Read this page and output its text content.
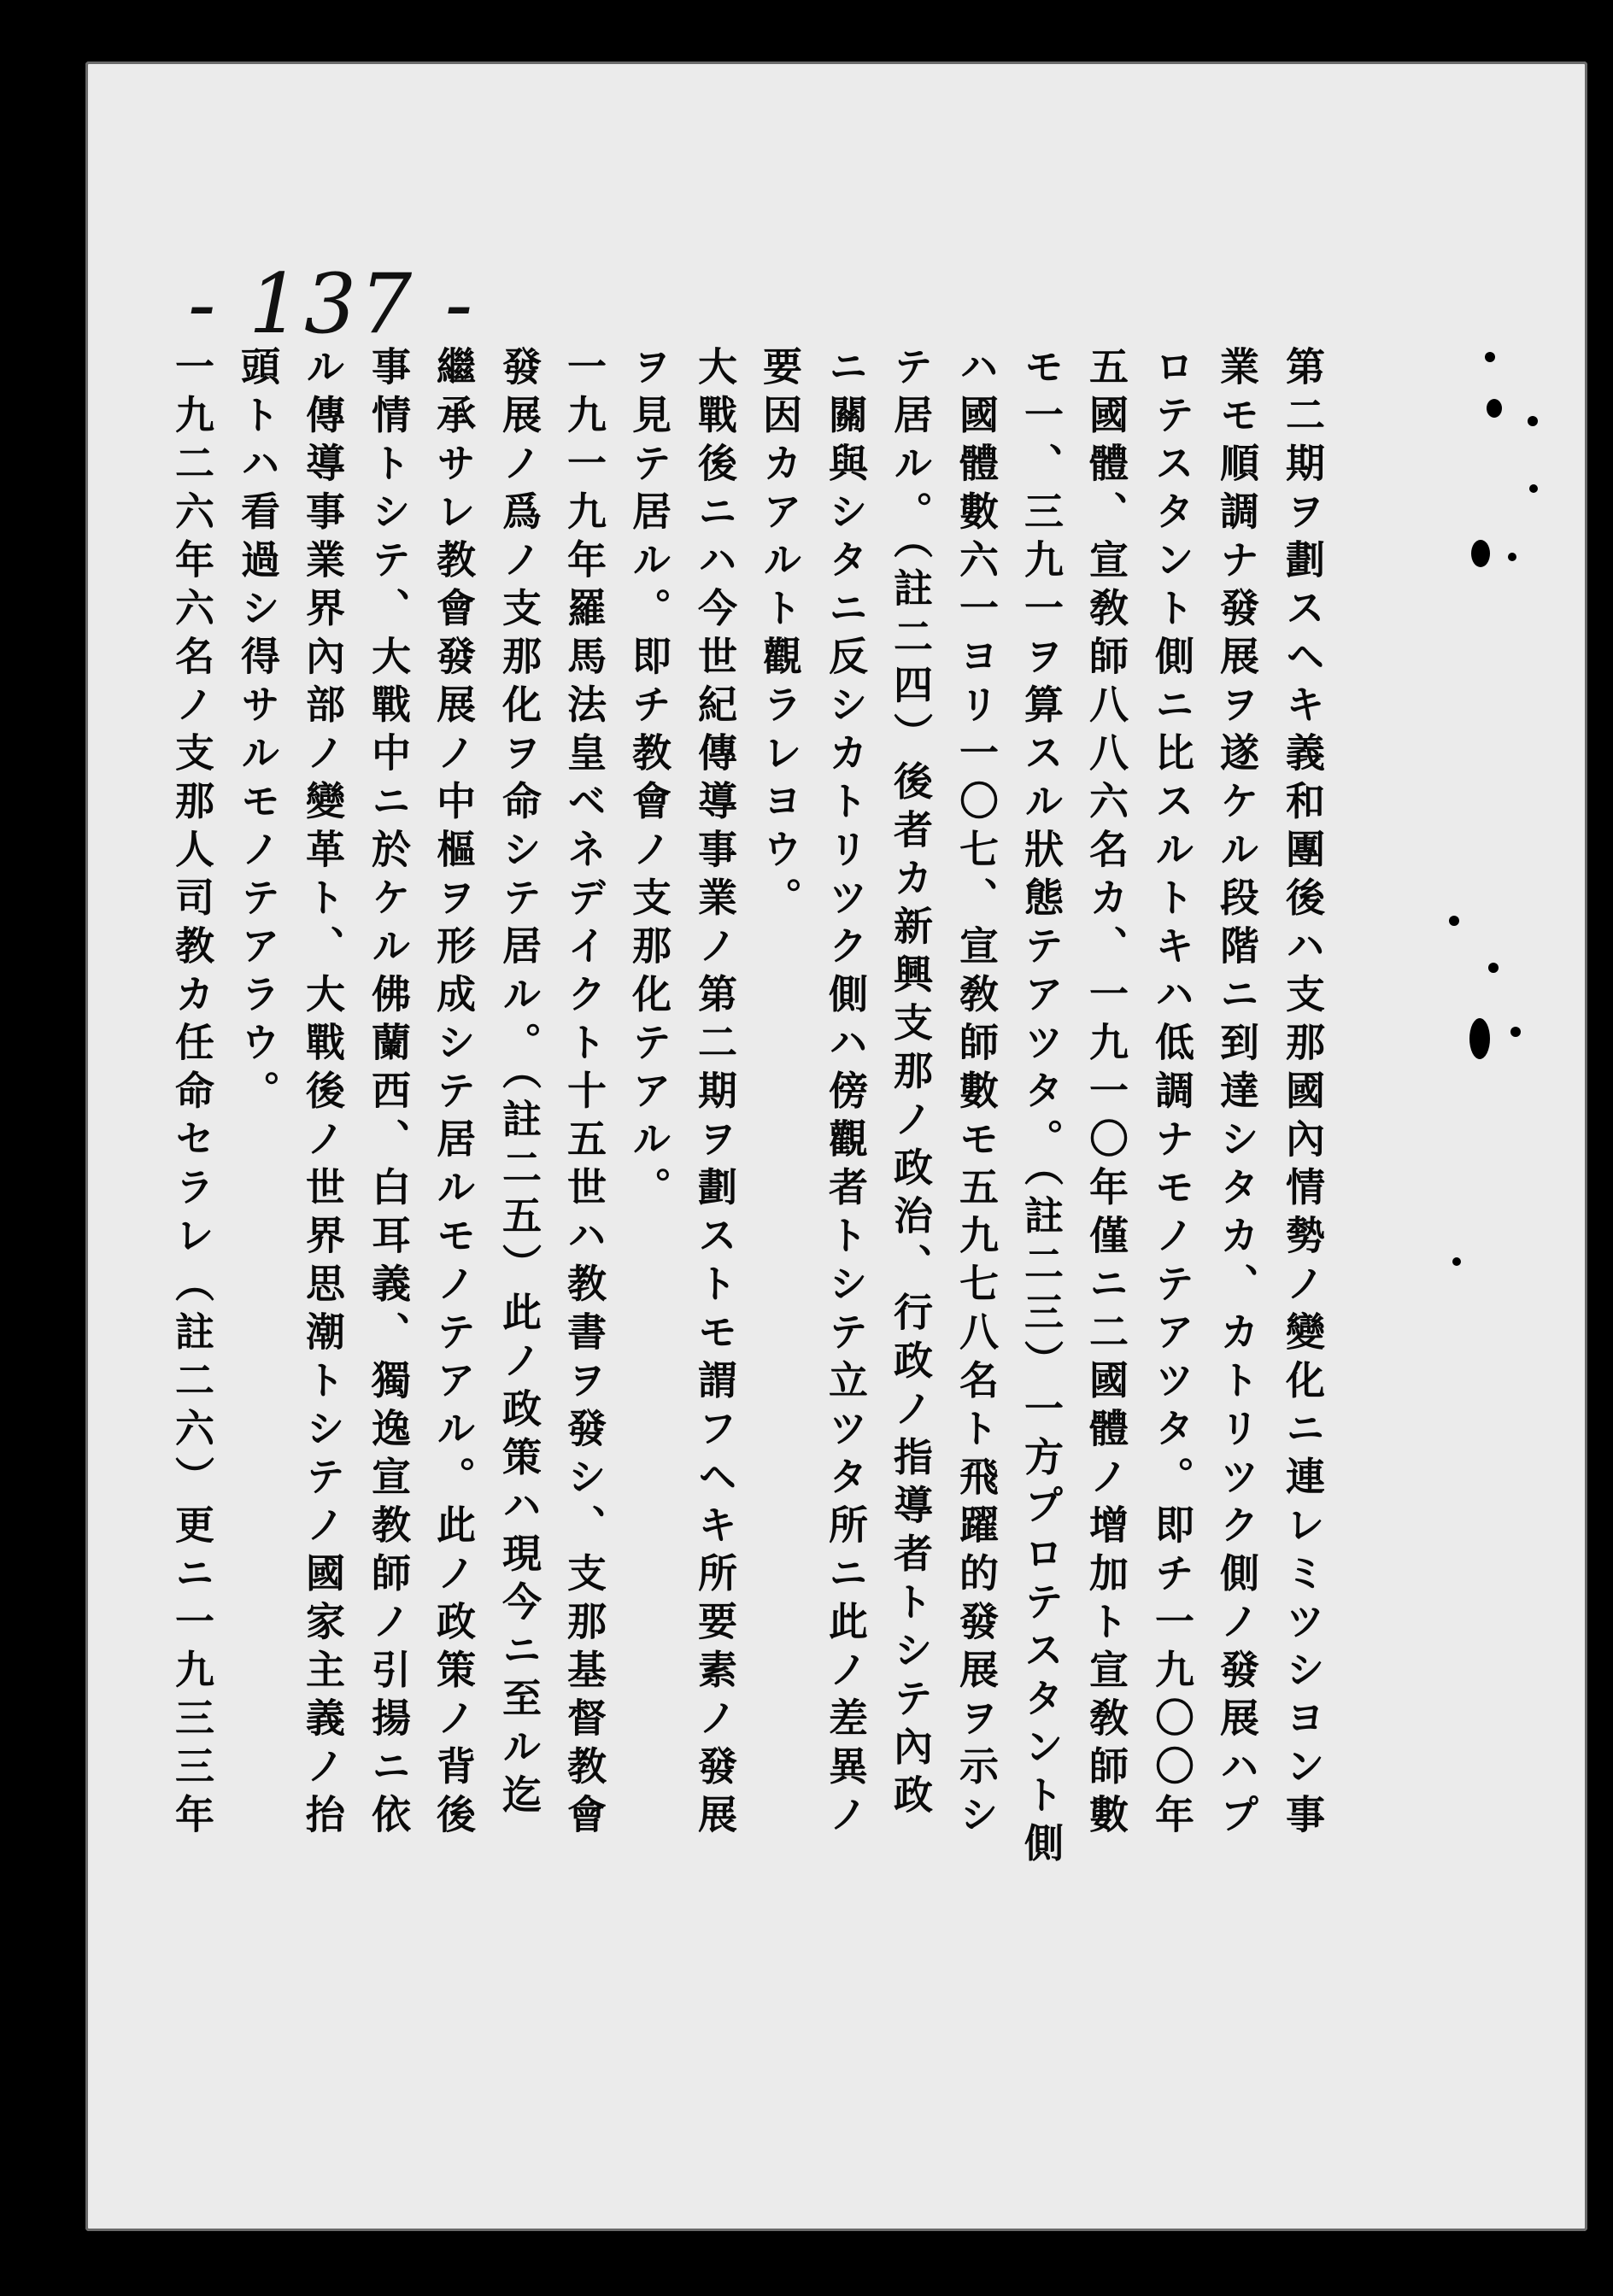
- 137 -
第二期ヲ劃スヘキ義和團後ハ支那國內情勢ノ變化ニ連レミツシヨン事
業モ順調ナ發展ヲ遂ケル段階ニ到達シタカ、カトリツク側ノ發展ハプ
ロテスタント側ニ比スルトキハ低調ナモノテアツタ。即チ一九〇〇年
五國體、宣敎師八八六名カ、一九一〇年僅ニ二國體ノ增加ト宣敎師數
モ一、三九一ヲ算スル狀態テアツタ。（註二三）一方プロテスタント側
ハ國體數六一ヨリ一〇七、宣敎師數モ五九七八名ト飛躍的發展ヲ示シ
テ居ル。（註二四）後者カ新興支那ノ政治、行政ノ指導者トシテ內政
ニ關與シタニ反シカトリツク側ハ傍觀者トシテ立ツタ所ニ此ノ差異ノ
要因カアルト觀ラレヨウ。
大戰後ニハ今世紀傳導事業ノ第二期ヲ劃ストモ謂フヘキ所要素ノ發展
ヲ見テ居ル。即チ教會ノ支那化テアル。
一九一九年羅馬法皇ベネデイクト十五世ハ教書ヲ發シ、支那基督教會
發展ノ爲ノ支那化ヲ命シテ居ル。（註二五）此ノ政策ハ現今ニ至ル迄
繼承サレ教會發展ノ中樞ヲ形成シテ居ルモノテアル。此ノ政策ノ背後
事情トシテ、大戰中ニ於ケル佛蘭西、白耳義、獨逸宣教師ノ引揚ニ依
ル傳導事業界內部ノ變革ト、大戰後ノ世界思潮トシテノ國家主義ノ抬
頭トハ看過シ得サルモノテアラウ。
一九二六年六名ノ支那人司教カ任命セラレ（註二六）更ニ一九三三年
